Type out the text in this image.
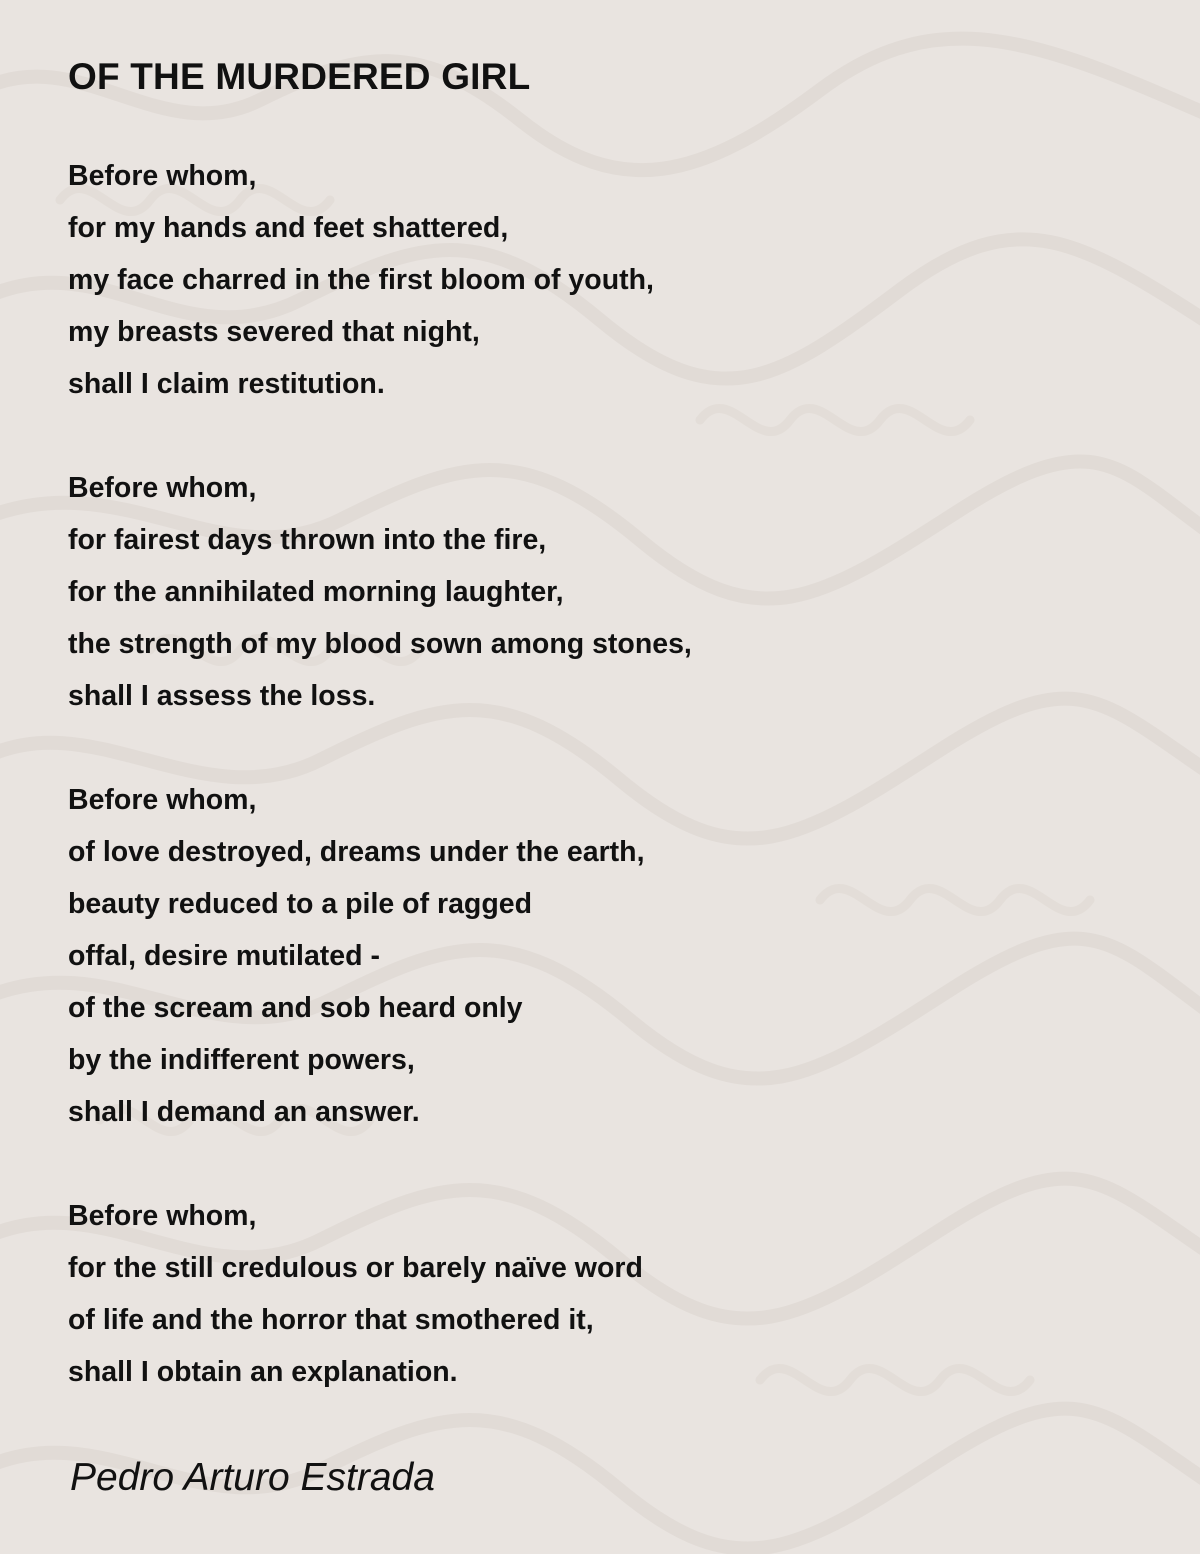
OF THE MURDERED GIRL
Before whom,
for my hands and feet shattered,
my face charred in the first bloom of youth,
my breasts severed that night,
shall I claim restitution.
Before whom,
for fairest days thrown into the fire,
for the annihilated morning laughter,
the strength of my blood sown among stones,
shall I assess the loss.
Before whom,
of love destroyed, dreams under the earth,
beauty reduced to a pile of ragged
offal, desire mutilated -
of the scream and sob heard only
by the indifferent powers,
shall I demand an answer.
Before whom,
for the still credulous or barely naïve word
of life and the horror that smothered it,
shall I obtain an explanation.
Pedro Arturo Estrada
